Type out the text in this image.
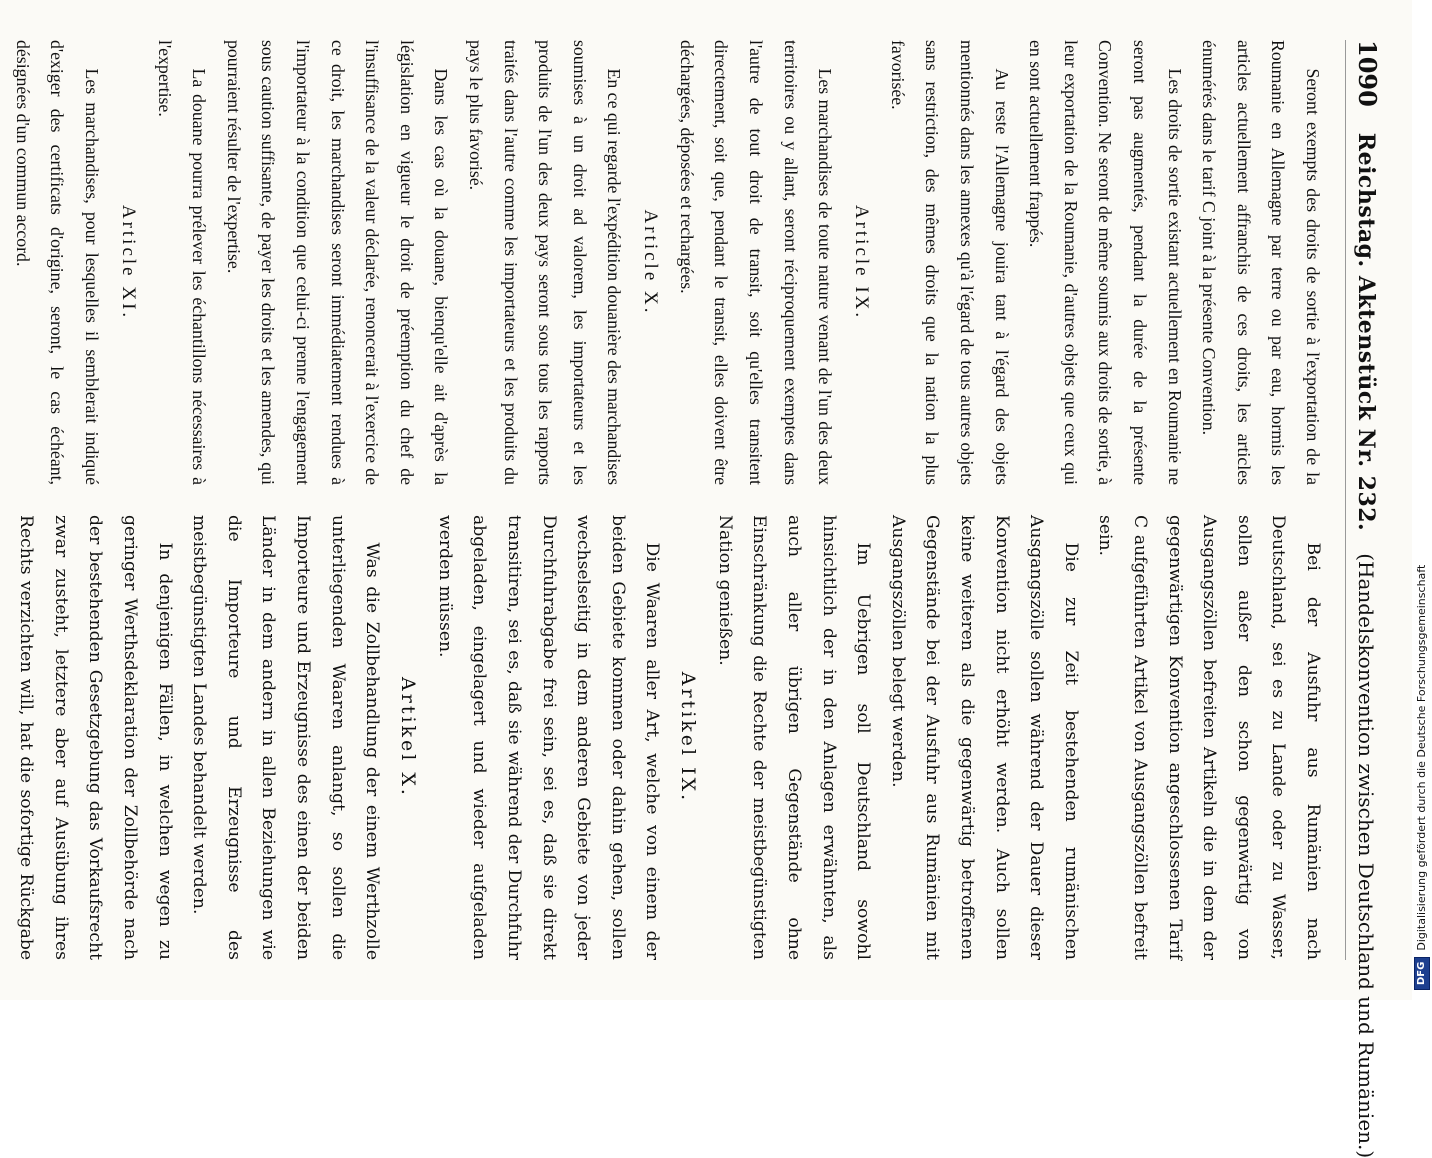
1090
Reichstag. Aktenstück Nr. 232.
(Handelskonvention zwischen Deutschland und Rumänien.)

Seront exempts des droits de sortie à l'exportation de la Roumanie en Allemagne par terre ou par eau, hormis les articles actuellement affranchis de ces droits, les articles énumérés dans le tarif C joint à la présente Convention.

Les droits de sortie existant actuellement en Roumanie ne seront pas augmentés, pendant la durée de la présente Convention. Ne seront de même soumis aux droits de sortie, à leur exportation de la Roumanie, d'autres objets que ceux qui en sont actuellement frappés.

Au reste l'Allemagne jouira tant à l'égard des objets mentionnés dans les annexes qu'à l'égard de tous autres objets sans restriction, des mêmes droits que la nation la plus favorisée.

Article IX.

Les marchandises de toute nature venant de l'un des deux territoires ou y allant, seront réciproquement exemptes dans l'autre de tout droit de transit, soit qu'elles transitent directement, soit que, pendant le transit, elles doivent être déchargées, déposées et rechargées.

Article X.

En ce qui regarde l'expédition douanière des marchandises soumises à un droit ad valorem, les importateurs et les produits de l'un des deux pays seront sous tous les rapports traités dans l'autre comme les importateurs et les produits du pays le plus favorisé.

Dans les cas où la douane, bienqu'elle ait d'après la législation en vigueur le droit de préemption du chef de l'insuffisance de la valeur déclarée, renoncerait à l'exercice de ce droit, les marchandises seront immédiatement rendues à l'importateur à la condition que celui-ci prenne l'engagement sous caution suffisante, de payer les droits et les amendes, qui pourraient résulter de l'expertise.

La douane pourra prélever les échantillons nécessaires à l'expertise.

Article XI.

Les marchandises, pour lesquelles il semblerait indiqué d'exiger des certificats d'origine, seront, le cas échéant, désignées d'un commun accord.

Bei der Ausfuhr aus Rumänien nach Deutschland, sei es zu Lande oder zu Wasser, sollen außer den schon gegenwärtig von Ausgangszöllen befreiten Artikeln die in dem der gegenwärtigen Konvention angeschlossenen Tarif C aufgeführten Artikel von Ausgangszöllen befreit sein.

Die zur Zeit bestehenden rumänischen Ausgangszölle sollen während der Dauer dieser Konvention nicht erhöht werden. Auch sollen keine weiteren als die gegenwärtig betroffenen Gegenstände bei der Ausfuhr aus Rumänien mit Ausgangszöllen belegt werden.

Im Uebrigen soll Deutschland sowohl hinsichtlich der in den Anlagen erwähnten, als auch aller übrigen Gegenstände ohne Einschränkung die Rechte der meistbegünstigten Nation genießen.

Artikel IX.

Die Waaren aller Art, welche von einem der beiden Gebiete kommen oder dahin gehen, sollen wechselseitig in dem anderen Gebiete von jeder Durchfuhrabgabe frei sein, sei es, daß sie direkt transitiren, sei es, daß sie während der Durchfuhr abgeladen, eingelagert und wieder aufgeladen werden müssen.

Artikel X.

Was die Zollbehandlung der einem Werthzolle unterliegenden Waaren anlangt, so sollen die Importeure und Erzeugnisse des einen der beiden Länder in dem andern in allen Beziehungen wie die Importeure und Erzeugnisse des meistbegünstigten Landes behandelt werden.

In denjenigen Fällen, in welchen wegen zu geringer Werthsdeklaration der Zollbehörde nach der bestehenden Gesetzgebung das Vorkaufsrecht zwar zusteht, letztere aber auf Ausübung ihres Rechts verzichten will, hat die sofortige Rückgabe

DFG
Digitalisierung gefördert durch die Deutsche Forschungsgemeinschaft
